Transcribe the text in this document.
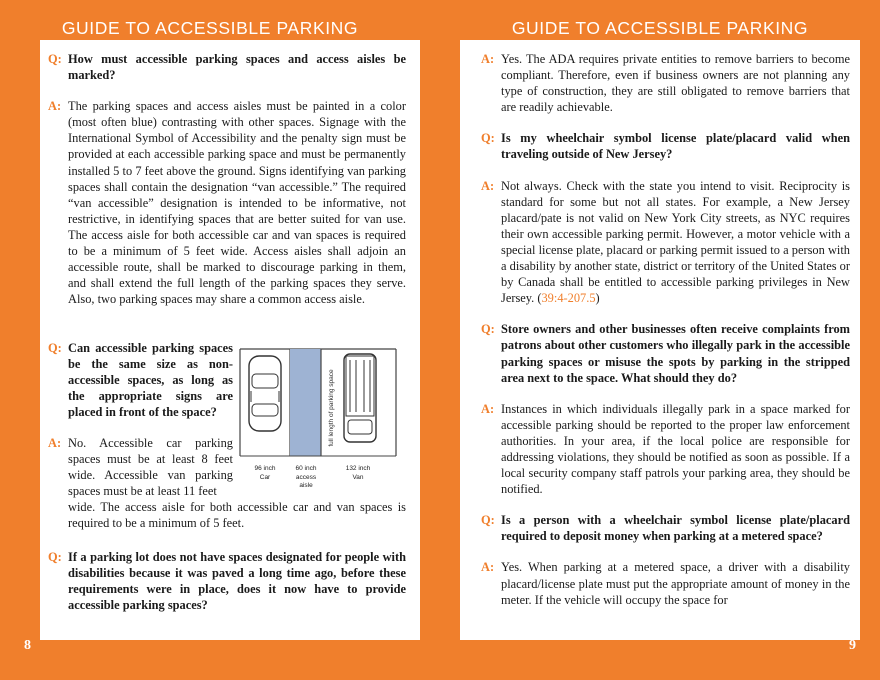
GUIDE TO ACCESSIBLE PARKING
Q: How must accessible parking spaces and access aisles be marked?
A: The parking spaces and access aisles must be painted in a color (most often blue) contrasting with other spaces. Signage with the International Symbol of Accessibility and the penalty sign must be provided at each accessible parking space and must be permanently installed 5 to 7 feet above the ground. Signs identifying van parking spaces shall contain the designation “van accessible.” The required “van accessible” designation is intended to be informative, not restrictive, in identifying spaces that are better suited for van use. The access aisle for both accessible car and van spaces is required to be a minimum of 5 feet wide. Access aisles shall adjoin an accessible route, shall be marked to discourage parking in them, and shall extend the full length of the parking spaces they serve. Also, two parking spaces may share a common access aisle.
Q: Can accessible parking spaces be the same size as non-accessible spaces, as long as the appropriate signs are placed in front of the space?
A: No. Accessible car parking spaces must be at least 8 feet wide. Accessible van parking spaces must be at least 11 feet
wide. The access aisle for both accessible car and van spaces is required to be a minimum of 5 feet.
Q: If a parking lot does not have spaces designated for people with disabilities because it was paved a long time ago, before these requirements were in place, does it now have to provide accessible parking spaces?
full length of parking space
96 inch
Car
60 inch
access
aisle
132 inch
Van
8
GUIDE TO ACCESSIBLE PARKING
A: Yes. The ADA requires private entities to remove barriers to become compliant. Therefore, even if business owners are not planning any type of construction, they are still obligated to remove barriers that are readily achievable.
Q: Is my wheelchair symbol license plate/placard valid when traveling outside of New Jersey?
A: Not always. Check with the state you intend to visit. Reciprocity is standard for some but not all states. For example, a New Jersey placard/pate is not valid on New York City streets, as NYC requires their own accessible parking permit. However, a motor vehicle with a special license plate, placard or parking permit issued to a person with a disability by another state, district or territory of the United States or by Canada shall be entitled to accessible parking privileges in New Jersey. (39:4-207.5)
Q: Store owners and other businesses often receive complaints from patrons about other customers who illegally park in the accessible parking spaces or misuse the spots by parking in the stripped area next to the space. What should they do?
A: Instances in which individuals illegally park in a space marked for accessible parking should be reported to the proper law enforcement authorities. In your area, if the local police are responsible for addressing violations, they should be notified as soon as possible. If a local security company staff patrols your parking area, they should be notified.
Q: Is a person with a wheelchair symbol license plate/placard required to deposit money when parking at a metered space?
A: Yes. When parking at a metered space, a driver with a disability placard/license plate must put the appropriate amount of money in the meter. If the vehicle will occupy the space for
9
